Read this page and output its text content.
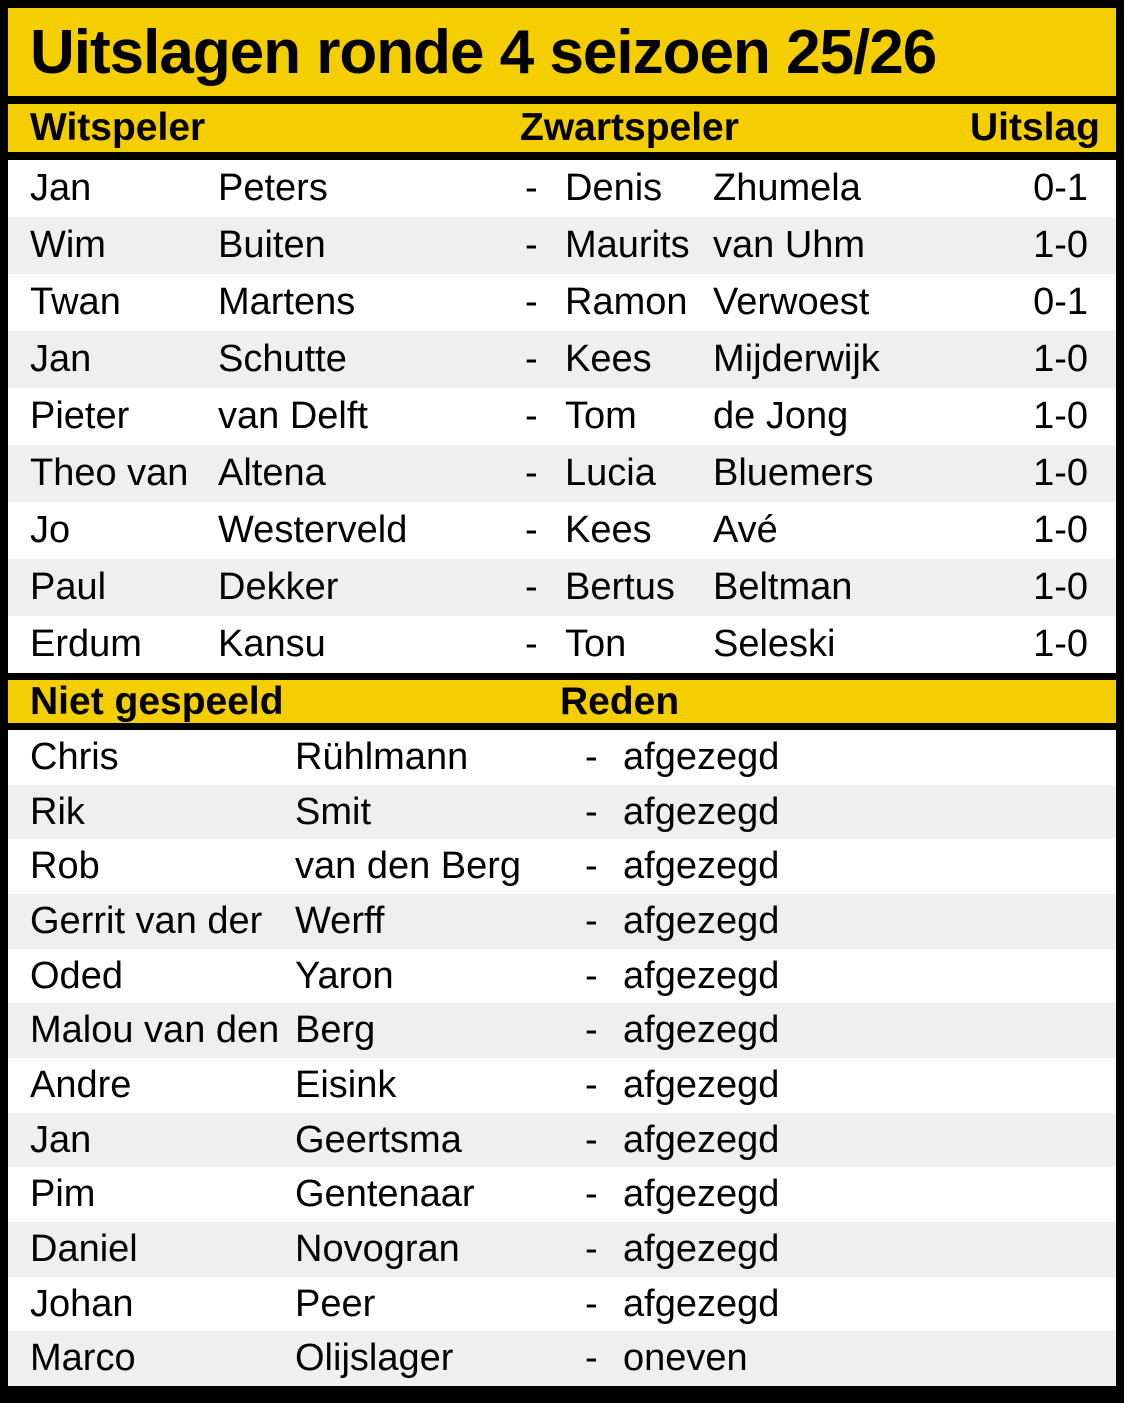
Uitslagen ronde 4 seizoen 25/26
Witspeler	Zwartspeler	Uitslag
Jan	Peters	- Denis	Zhumela	0-1
Wim	Buiten	- Maurits van Uhm	1-0
Twan	Martens	- Ramon Verwoest	0-1
Jan	Schutte	- Kees	Mijderwijk	1-0
Pieter	van Delft	- Tom	de Jong	1-0
Theo van Altena	- Lucia	Bluemers	1-0
Jo	Westerveld	- Kees	Avé	1-0
Paul	Dekker	- Bertus	Beltman	1-0
Erdum	Kansu	- Ton	Seleski	1-0
Niet gespeeld	Reden
Chris	Rühlmann	- afgezegd
Rik	Smit	- afgezegd
Rob	van den Berg	- afgezegd
Gerrit van der Werff	- afgezegd
Oded	Yaron	- afgezegd
Malou van den Berg	- afgezegd
Andre	Eisink	- afgezegd
Jan	Geertsma	- afgezegd
Pim	Gentenaar	- afgezegd
Daniel	Novogran	- afgezegd
Johan	Peer	- afgezegd
Marco	Olijslager	- oneven
